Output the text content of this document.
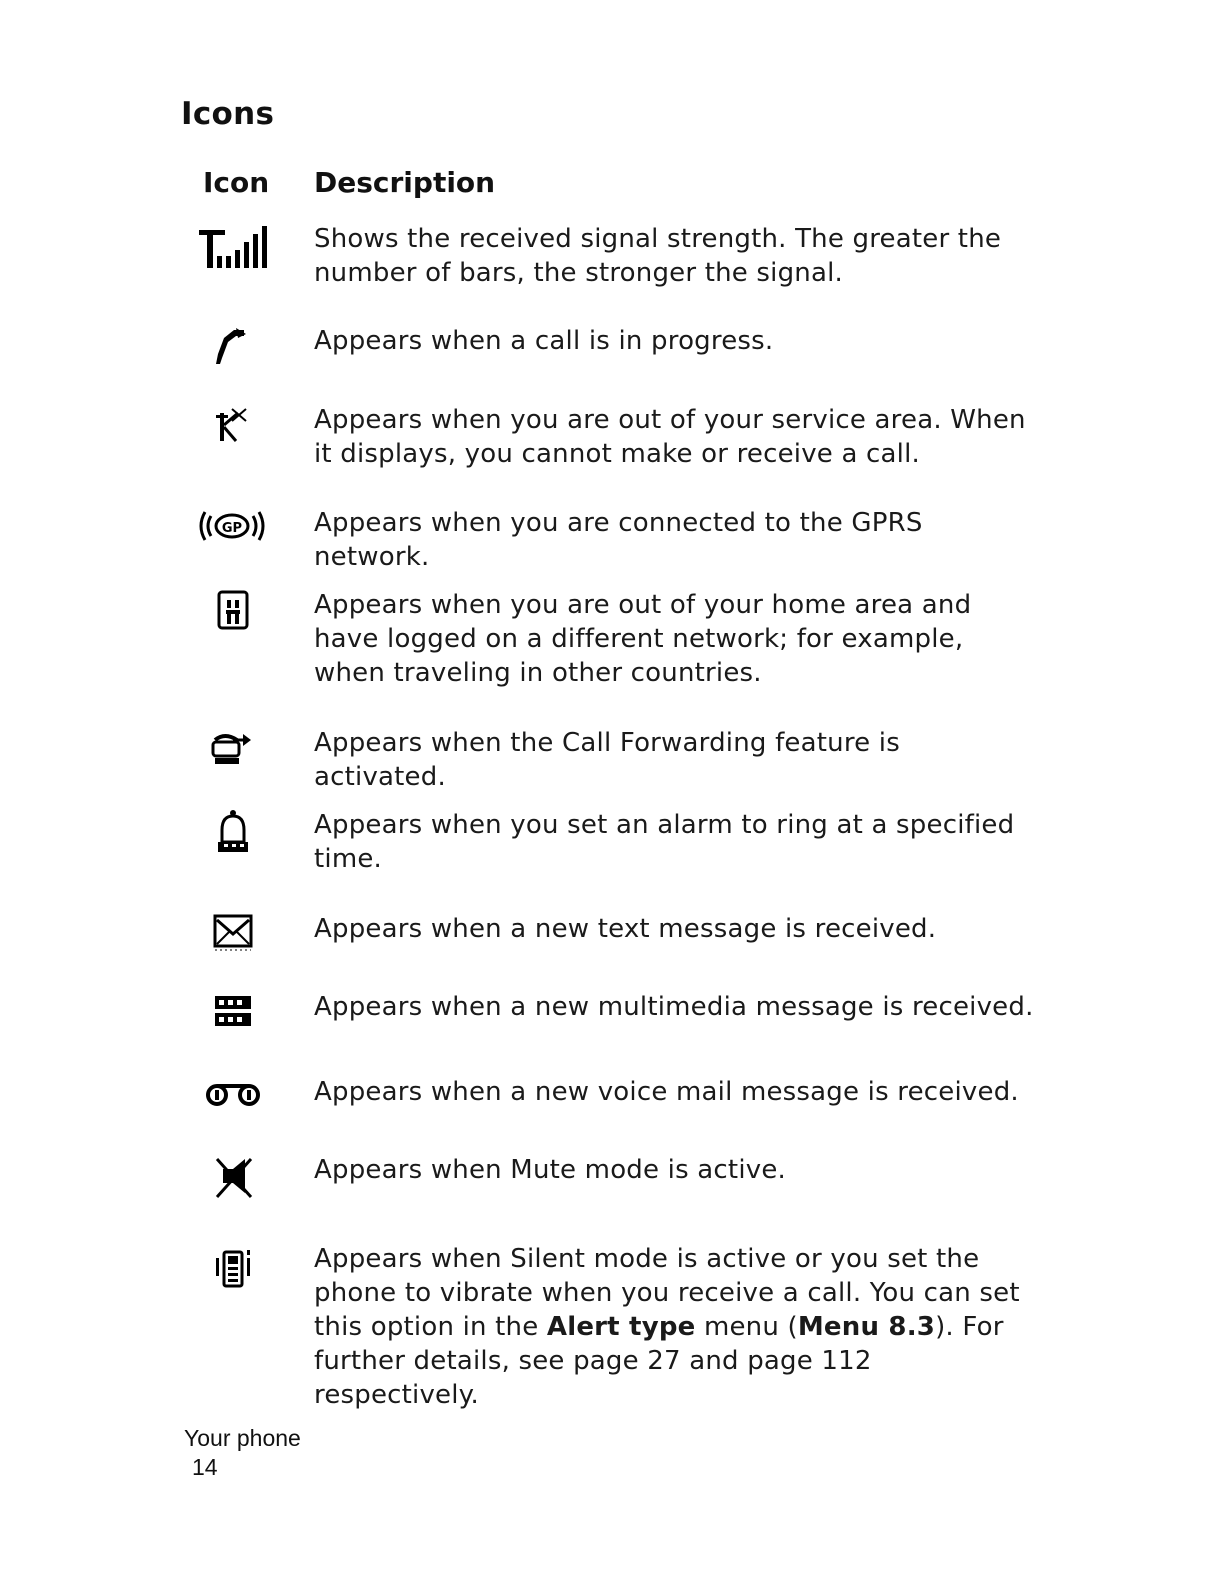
Icons
Icon Description
Shows the received signal strength. The greater the number of bars, the stronger the signal.
Appears when a call is in progress.
Appears when you are out of your service area. When it displays, you cannot make or receive a call.
GP	Appears when you are connected to the GPRS network.
Appears when you are out of your home area and have logged on a different network; for example, when traveling in other countries.
Appears when the Call Forwarding feature is activated.
Appears when you set an alarm to ring at a specified time.
Appears when a new text message is received.
Appears when a new multimedia message is received.
Appears when a new voice mail message is received.
Appears when Mute mode is active.
Appears when Silent mode is active or you set the phone to vibrate when you receive a call. You can set this option in the Alert type menu (Menu 8.3). For further details, see page 27 and page 112 respectively.
Your phone
14
